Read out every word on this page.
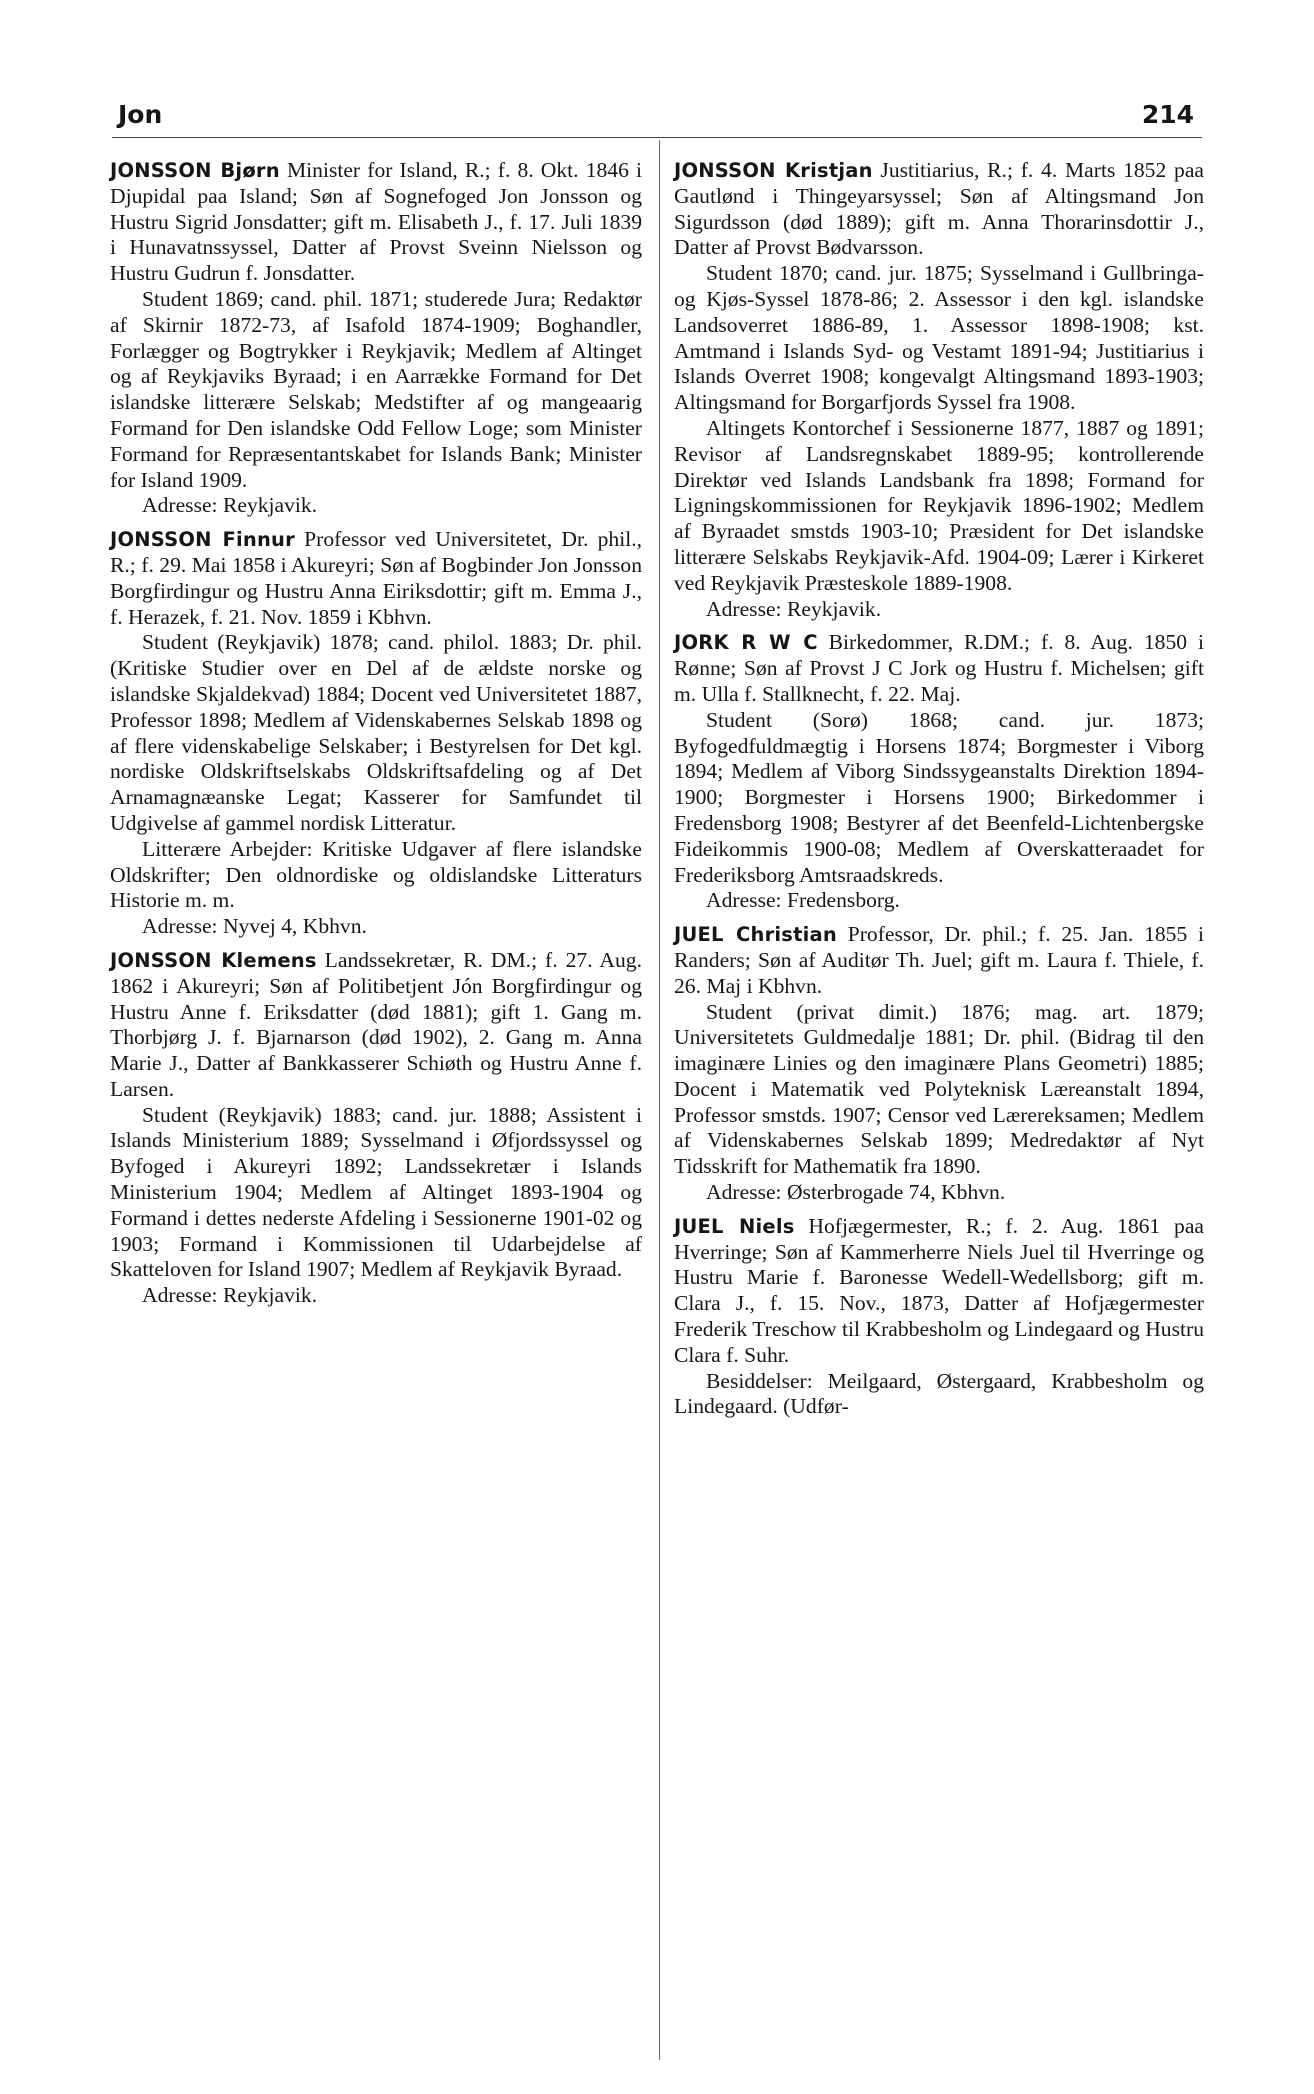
Jon	214

JONSSON Bjørn Minister for Island, R.; f. 8. Okt. 1846 i Djupidal paa Island; Søn af Sognefoged Jon Jonsson og Hustru Sigrid Jonsdatter; gift m. Elisabeth J., f. 17. Juli 1839 i Hunavatnssyssel, Datter af Provst Sveinn Nielsson og Hustru Gudrun f. Jonsdatter.

Student 1869; cand. phil. 1871; studerede Jura; Redaktør af Skirnir 1872-73, af Isafold 1874-1909; Boghandler, Forlægger og Bogtrykker i Reykjavik; Medlem af Altinget og af Reykjaviks Byraad; i en Aarrække Formand for Det islandske litterære Selskab; Medstifter af og mangeaarig Formand for Den islandske Odd Fellow Loge; som Minister Formand for Repræsentantskabet for Islands Bank; Minister for Island 1909.

Adresse: Reykjavik.

JONSSON Finnur Professor ved Universitetet, Dr. phil., R.; f. 29. Mai 1858 i Akureyri; Søn af Bogbinder Jon Jonsson Borgfirdingur og Hustru Anna Eiriksdottir; gift m. Emma J., f. Herazek, f. 21. Nov. 1859 i Kbhvn.

Student (Reykjavik) 1878; cand. philol. 1883; Dr. phil. (Kritiske Studier over en Del af de ældste norske og islandske Skjaldekvad) 1884; Docent ved Universitetet 1887, Professor 1898; Medlem af Videnskabernes Selskab 1898 og af flere videnskabelige Selskaber; i Bestyrelsen for Det kgl. nordiske Oldskriftselskabs Oldskriftsafdeling og af Det Arnamagnæanske Legat; Kasserer for Samfundet til Udgivelse af gammel nordisk Litteratur.

Litterære Arbejder: Kritiske Udgaver af flere islandske Oldskrifter; Den oldnordiske og oldislandske Litteraturs Historie m. m.

Adresse: Nyvej 4, Kbhvn.

JONSSON Klemens Landssekretær, R. DM.; f. 27. Aug. 1862 i Akureyri; Søn af Politibetjent Jón Borgfirdingur og Hustru Anne f. Eriksdatter (død 1881); gift 1. Gang m. Thorbjørg J. f. Bjarnarson (død 1902), 2. Gang m. Anna Marie J., Datter af Bankkasserer Schiøth og Hustru Anne f. Larsen.

Student (Reykjavik) 1883; cand. jur. 1888; Assistent i Islands Ministerium 1889; Sysselmand i Øfjordssyssel og Byfoged i Akureyri 1892; Landssekretær i Islands Ministerium 1904; Medlem af Altinget 1893-1904 og Formand i dettes nederste Afdeling i Sessionerne 1901-02 og 1903; Formand i Kommissionen til Udarbejdelse af Skatteloven for Island 1907; Medlem af Reykjavik Byraad.

Adresse: Reykjavik.

JONSSON Kristjan Justitiarius, R.; f. 4. Marts 1852 paa Gautlønd i Thingeyarsyssel; Søn af Altingsmand Jon Sigurdsson (død 1889); gift m. Anna Thorarinsdottir J., Datter af Provst Bødvarsson.

Student 1870; cand. jur. 1875; Sysselmand i Gullbringa- og Kjøs-Syssel 1878-86; 2. Assessor i den kgl. islandske Landsoverret 1886-89, 1. Assessor 1898-1908; kst. Amtmand i Islands Syd- og Vestamt 1891-94; Justitiarius i Islands Overret 1908; kongevalgt Altingsmand 1893-1903; Altingsmand for Borgarfjords Syssel fra 1908.

Altingets Kontorchef i Sessionerne 1877, 1887 og 1891; Revisor af Landsregnskabet 1889-95; kontrollerende Direktør ved Islands Landsbank fra 1898; Formand for Ligningskommissionen for Reykjavik 1896-1902; Medlem af Byraadet smstds 1903-10; Præsident for Det islandske litterære Selskabs Reykjavik-Afd. 1904-09; Lærer i Kirkeret ved Reykjavik Præsteskole 1889-1908.

Adresse: Reykjavik.

JORK R W C Birkedommer, R.DM.; f. 8. Aug. 1850 i Rønne; Søn af Provst J C Jork og Hustru f. Michelsen; gift m. Ulla f. Stallknecht, f. 22. Maj.

Student (Sorø) 1868; cand. jur. 1873; Byfogedfuldmægtig i Horsens 1874; Borgmester i Viborg 1894; Medlem af Viborg Sindssygeanstalts Direktion 1894-1900; Borgmester i Horsens 1900; Birkedommer i Fredensborg 1908; Bestyrer af det Beenfeld-Lichtenbergske Fideikommis 1900-08; Medlem af Overskatteraadet for Frederiksborg Amtsraadskreds.

Adresse: Fredensborg.

JUEL Christian Professor, Dr. phil.; f. 25. Jan. 1855 i Randers; Søn af Auditør Th. Juel; gift m. Laura f. Thiele, f. 26. Maj i Kbhvn.

Student (privat dimit.) 1876; mag. art. 1879; Universitetets Guldmedalje 1881; Dr. phil. (Bidrag til den imaginære Linies og den imaginære Plans Geometri) 1885; Docent i Matematik ved Polyteknisk Læreanstalt 1894, Professor smstds. 1907; Censor ved Lærereksamen; Medlem af Videnskabernes Selskab 1899; Medredaktør af Nyt Tidsskrift for Mathematik fra 1890.

Adresse: Østerbrogade 74, Kbhvn.

JUEL Niels Hofjægermester, R.; f. 2. Aug. 1861 paa Hverringe; Søn af Kammerherre Niels Juel til Hverringe og Hustru Marie f. Baronesse Wedell-Wedellsborg; gift m. Clara J., f. 15. Nov., 1873, Datter af Hofjægermester Frederik Treschow til Krabbesholm og Lindegaard og Hustru Clara f. Suhr.

Besiddelser: Meilgaard, Østergaard, Krabbesholm og Lindegaard. (Udfør-
